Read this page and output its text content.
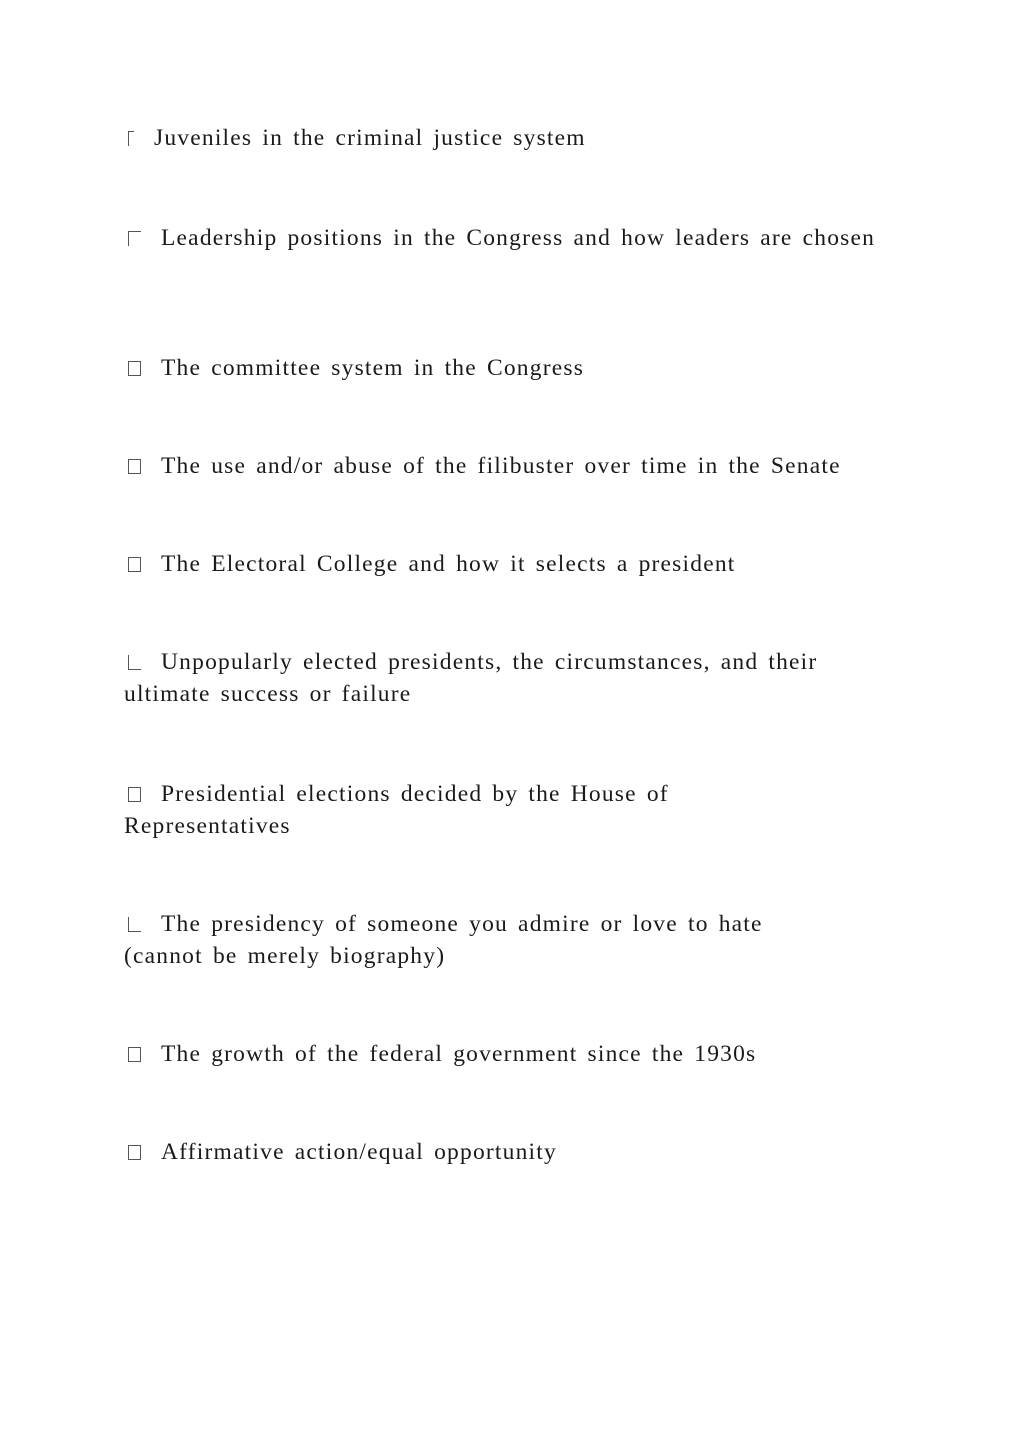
Juveniles in the criminal justice system

Leadership positions in the Congress and how leaders are chosen

The committee system in the Congress

The use and/or abuse of the filibuster over time in the Senate

The Electoral College and how it selects a president

Unpopularly elected presidents, the circumstances, and their ultimate success or failure

Presidential elections decided by the House of Representatives

The presidency of someone you admire or love to hate (cannot be merely biography)

The growth of the federal government since the 1930s

Affirmative action/equal opportunity
